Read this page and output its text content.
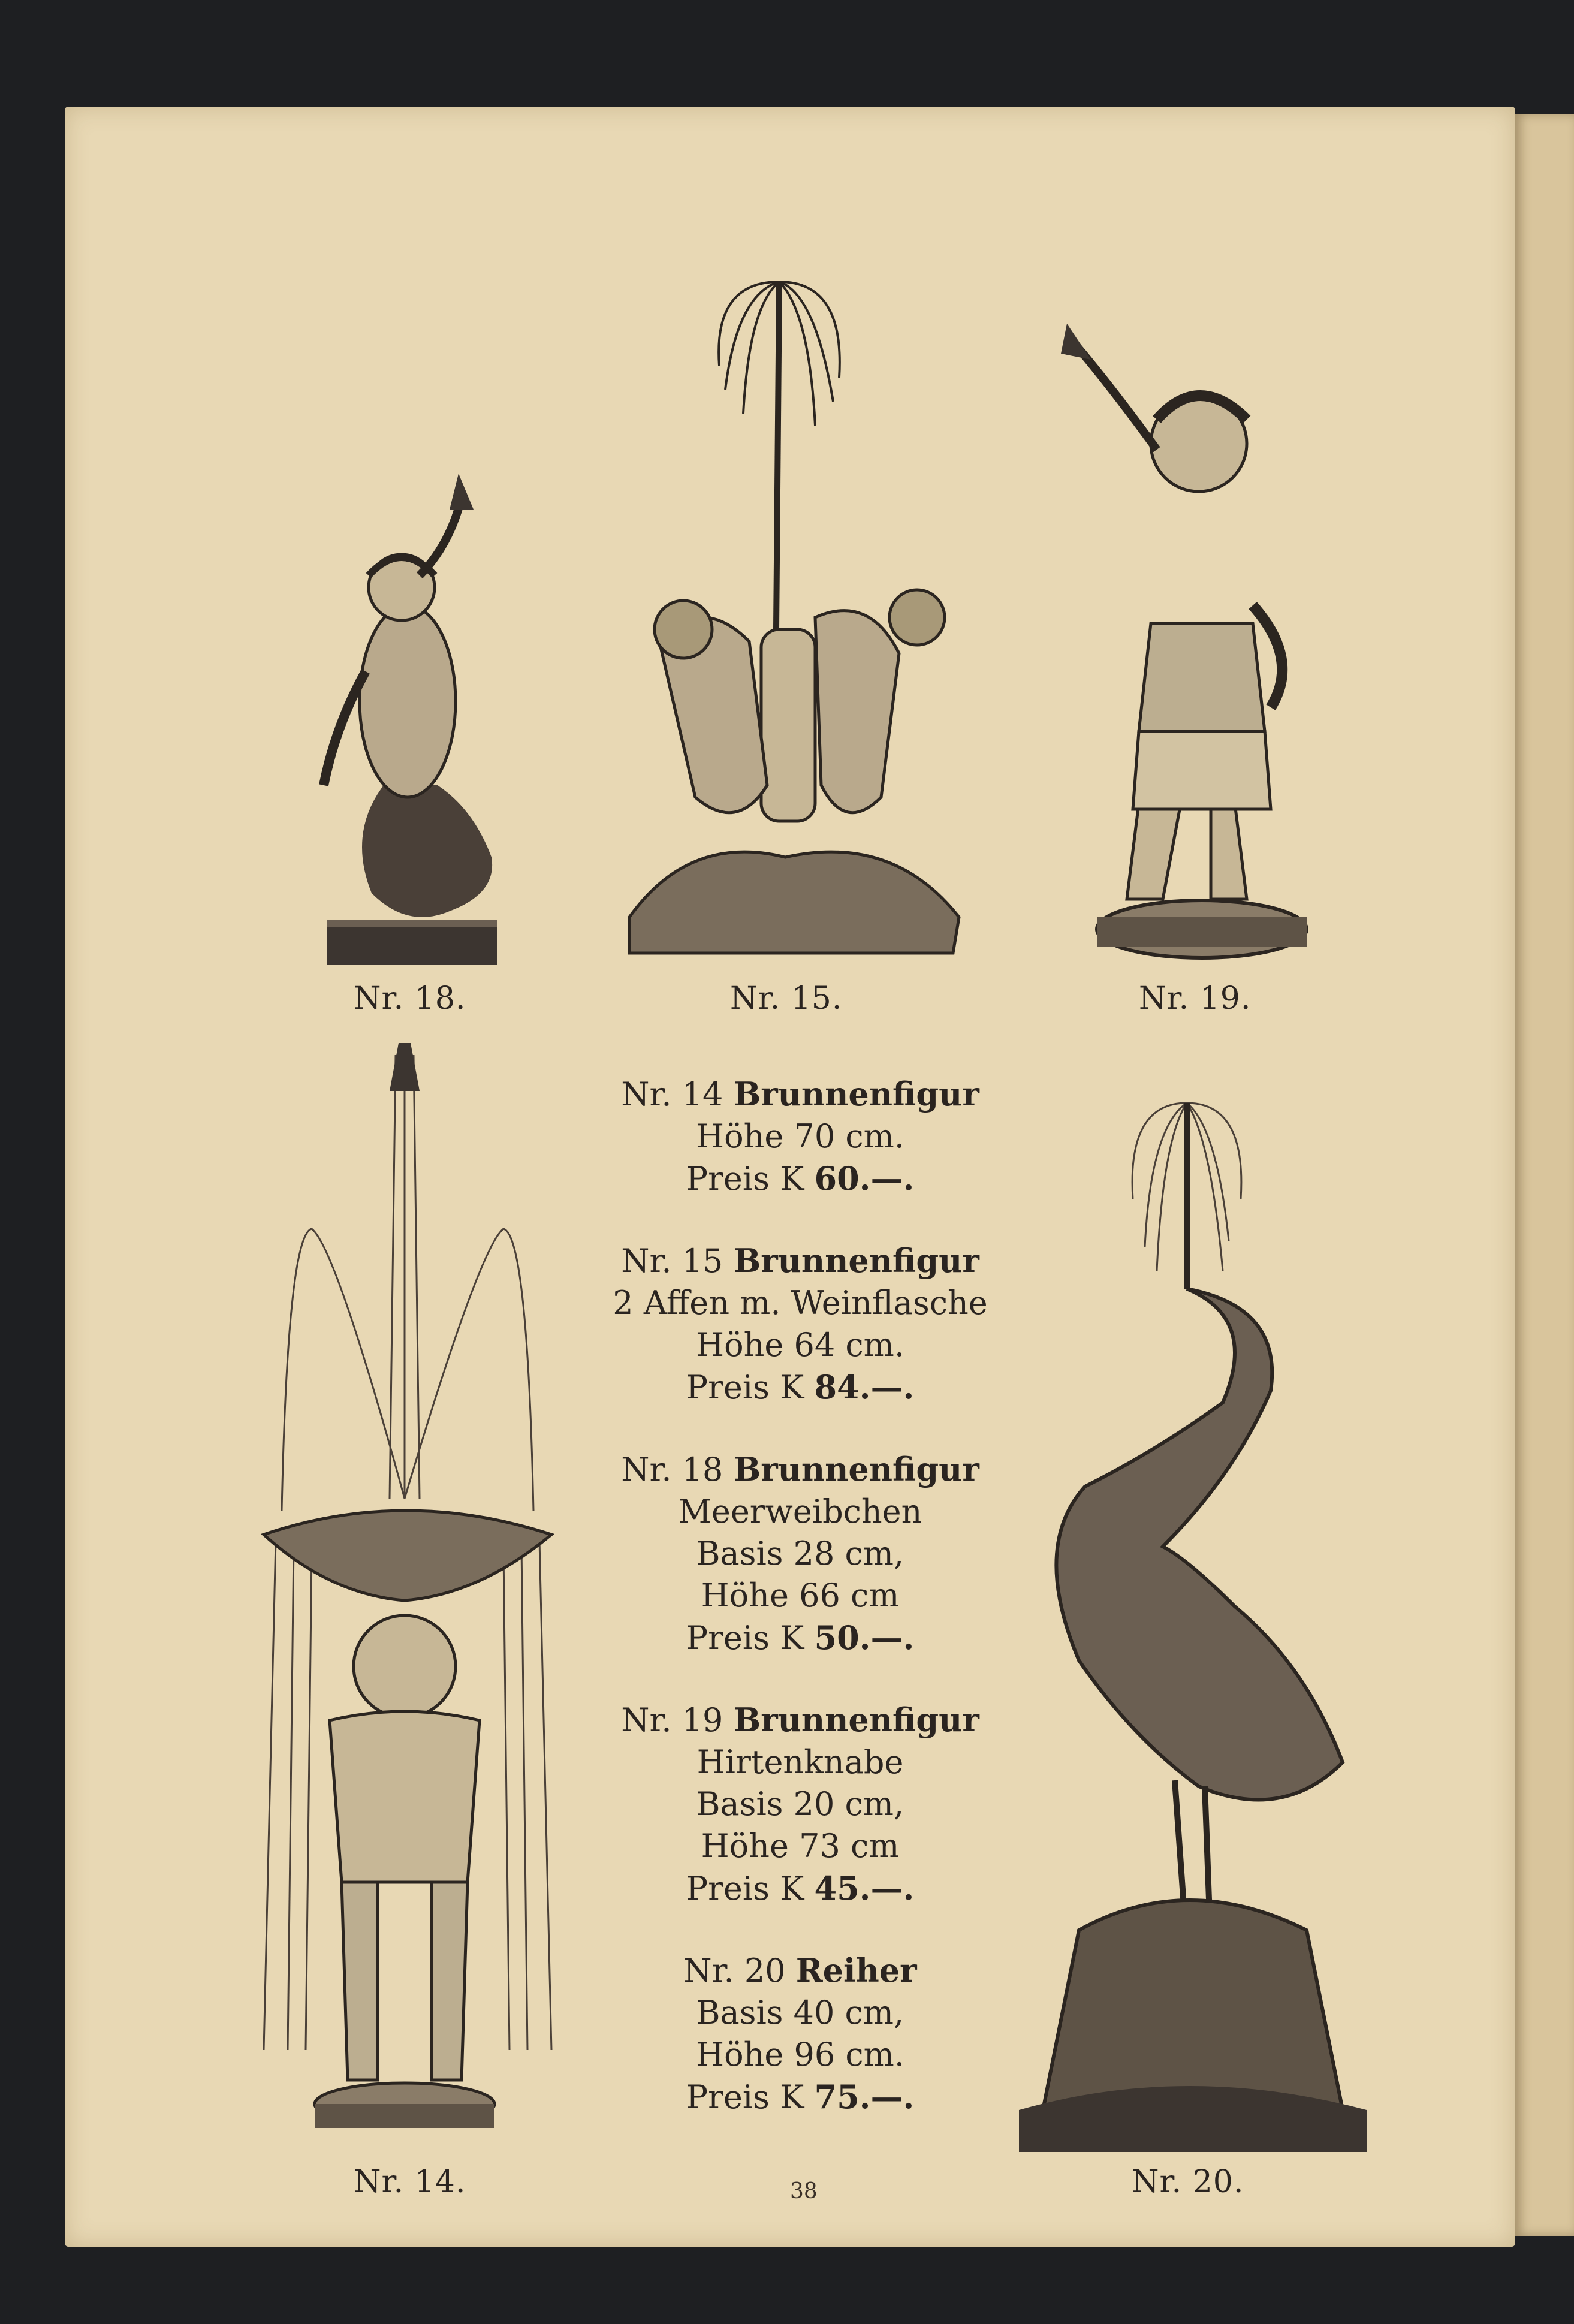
Nr. 18.	Nr. 15.	Nr. 19.
Nr. 14.	Nr. 20.
Nr. 14 Brunnenfigur
Höhe 70 cm.
Preis K 60.—.
Nr. 15 Brunnenfigur
2 Affen m. Weinflasche
Höhe 64 cm.
Preis K 84.—.
Nr. 18 Brunnenfigur
Meerweibchen
Basis 28 cm,
Höhe 66 cm
Preis K 50.—.
Nr. 19 Brunnenfigur
Hirtenknabe
Basis 20 cm,
Höhe 73 cm
Preis K 45.—.
Nr. 20 Reiher
Basis 40 cm,
Höhe 96 cm.
Preis K 75.—.
38
